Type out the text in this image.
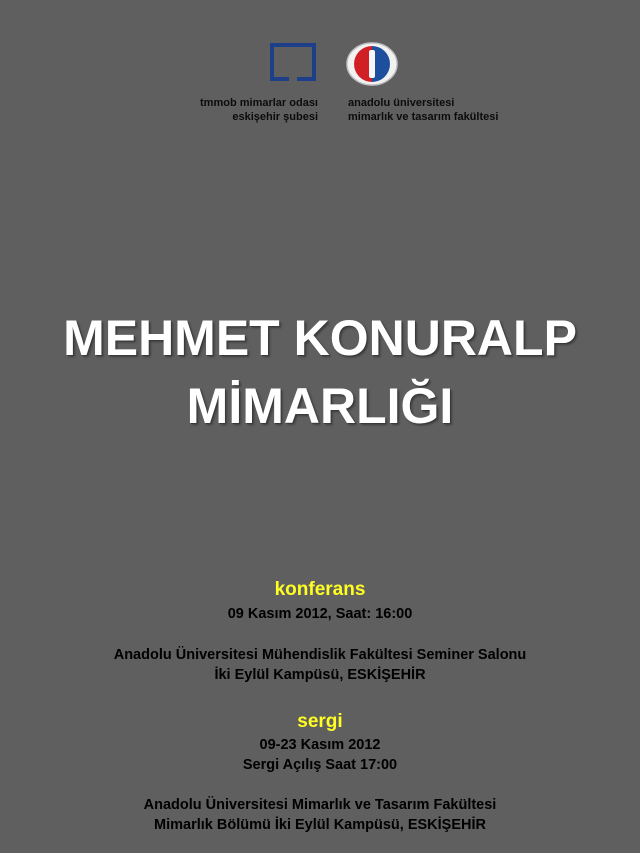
tmmob mimarlar odası
eskişehir şubesi
anadolu üniversitesi
mimarlık ve tasarım fakültesi
MEHMET KONURALP
MİMARLIĞI
konferans
09 Kasım 2012, Saat: 16:00
Anadolu Üniversitesi Mühendislik Fakültesi Seminer Salonu
İki Eylül Kampüsü, ESKİŞEHİR
sergi
09-23 Kasım 2012
Sergi Açılış Saat 17:00
Anadolu Üniversitesi Mimarlık ve Tasarım Fakültesi
Mimarlık Bölümü İki Eylül Kampüsü, ESKİŞEHİR
